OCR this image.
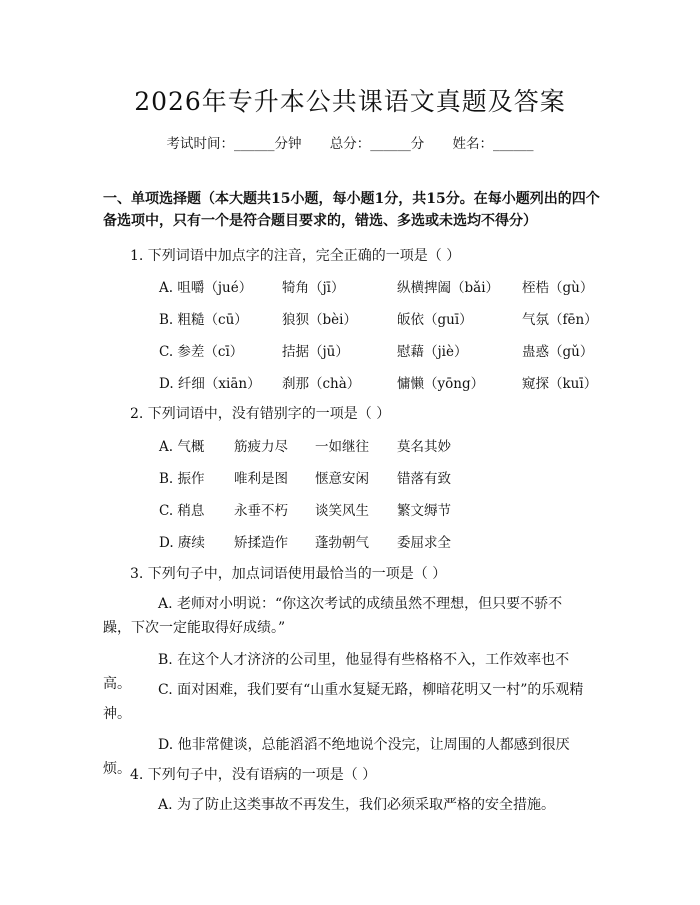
2026年专升本公共课语文真题及答案
考试时间：______分钟 总分：______分 姓名：______
一、单项选择题（本大题共15小题，每小题1分，共15分。在每小题列出的四个备选项中，只有一个是符合题目要求的，错选、多选或未选均不得分）
1. 下列词语中加点字的注音，完全正确的一项是（ ）
A. 咀嚼（jué） 犄角（jī）	纵横捭阖（bǎi） 桎梏（gù）
B. 粗糙（cū）	狼狈（bèi）	皈依（guī）	气氛（fēn）
C. 参差（cī）	拮据（jū）	慰藉（jiè）	蛊惑（gǔ）
D. 纤细（xiān） 刹那（chà）	慵懒（yōng）	窥探（kuī）
2. 下列词语中，没有错别字的一项是（ ）
A. 气概 筋疲力尽 一如继往 莫名其妙
B. 振作 唯利是图 惬意安闲 错落有致
C. 稍息 永垂不朽 谈笑风生 繁文缛节
D. 赓续 矫揉造作 蓬勃朝气 委屈求全
3. 下列句子中，加点词语使用最恰当的一项是（ ）
A. 老师对小明说：“你这次考试的成绩虽然不理想，但只要不骄不躁，下次一定能取得好成绩。”
B. 在这个人才济济的公司里，他显得有些格格不入，工作效率也不高。	C. 面对困难，我们要有“山重水复疑无路，柳暗花明又一村”的乐观精神。
D. 他非常健谈，总能滔滔不绝地说个没完，让周围的人都感到很厌烦。 4. 下列句子中，没有语病的一项是（ ）
A. 为了防止这类事故不再发生，我们必须采取严格的安全措施。
